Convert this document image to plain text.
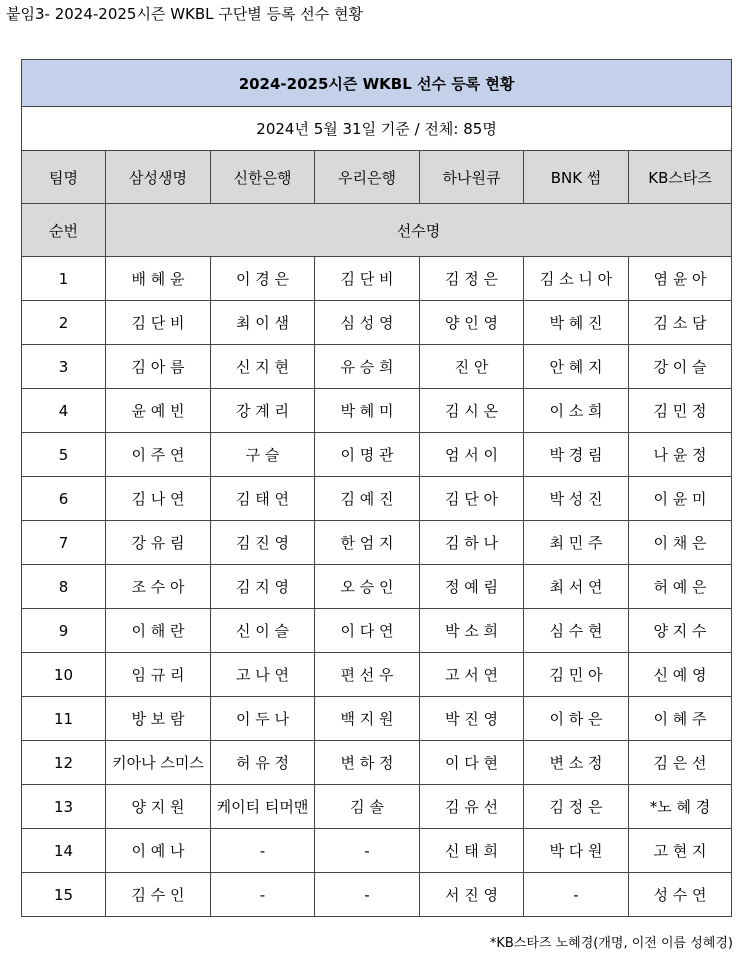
붙임3- 2024-2025시즌 WKBL 구단별 등록 선수 현황
2024-2025시즌 WKBL 선수 등록 현황						
2024년 5월 31일 기준 / 전체: 85명						
팀명	삼성생명	신한은행	우리은행	하나원큐	BNK 썸	KB스타즈
순번	선수명					
1	배 혜 윤	이 경 은	김 단 비	김 정 은	김 소 니 아	염 윤 아
2	김 단 비	최 이 샘	심 성 영	양 인 영	박 혜 진	김 소 담
3	김 아 름	신 지 현	유 승 희	진 안	안 혜 지	강 이 슬
4	윤 예 빈	강 계 리	박 혜 미	김 시 온	이 소 희	김 민 정
5	이 주 연	구 슬	이 명 관	엄 서 이	박 경 림	나 윤 정
6	김 나 연	김 태 연	김 예 진	김 단 아	박 성 진	이 윤 미
7	강 유 림	김 진 영	한 엄 지	김 하 나	최 민 주	이 채 은
8	조 수 아	김 지 영	오 승 인	정 예 림	최 서 연	허 예 은
9	이 해 란	신 이 슬	이 다 연	박 소 희	심 수 현	양 지 수
10	임 규 리	고 나 연	편 선 우	고 서 연	김 민 아	신 예 영
11	방 보 람	이 두 나	백 지 원	박 진 영	이 하 은	이 혜 주
12	키아나 스미스	허 유 정	변 하 정	이 다 현	변 소 정	김 은 선
13	양 지 원	케이티 티머맨	김 솔	김 유 선	김 정 은	*노 혜 경
14	이 예 나	-	-	신 태 희	박 다 원	고 현 지
15	김 수 인	-	-	서 진 영	-	성 수 연
*KB스타즈 노혜경(개명, 이전 이름 성혜경)
